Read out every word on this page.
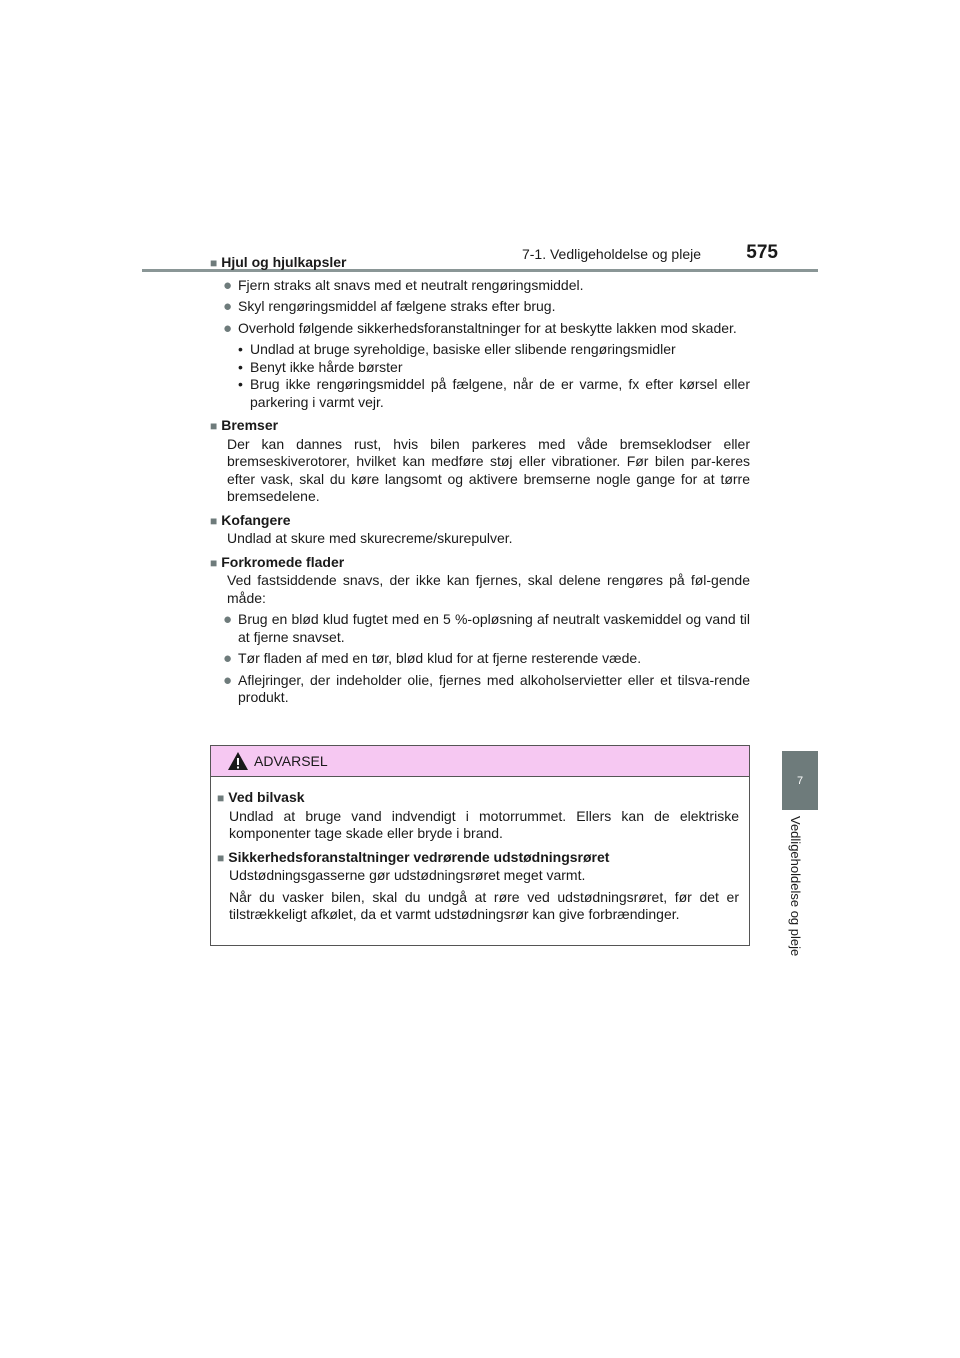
7-1. Vedligeholdelse og pleje	575
7
Vedligeholdelse og pleje
■ Hjul og hjulkapsler
● Fjern straks alt snavs med et neutralt rengøringsmiddel.
● Skyl rengøringsmiddel af fælgene straks efter brug.
● Overhold følgende sikkerhedsforanstaltninger for at beskytte lakken mod skader.
• Undlad at bruge syreholdige, basiske eller slibende rengøringsmidler
• Benyt ikke hårde børster
• Brug ikke rengøringsmiddel på fælgene, når de er varme, fx efter kørsel eller parkering i varmt vejr.
■ Bremser
Der kan dannes rust, hvis bilen parkeres med våde bremseklodser eller bremseskiverotorer, hvilket kan medføre støj eller vibrationer. Før bilen par-keres efter vask, skal du køre langsomt og aktivere bremserne nogle gange for at tørre bremsedelene.
■ Kofangere
Undlad at skure med skurecreme/skurepulver.
■ Forkromede flader
Ved fastsiddende snavs, der ikke kan fjernes, skal delene rengøres på føl-gende måde:
● Brug en blød klud fugtet med en 5 %-opløsning af neutralt vaskemiddel og vand til at fjerne snavset.
● Tør fladen af med en tør, blød klud for at fjerne resterende væde.
● Aflejringer, der indeholder olie, fjernes med alkoholservietter eller et tilsva-rende produkt.
ADVARSEL
■ Ved bilvask
Undlad at bruge vand indvendigt i motorrummet. Ellers kan de elektriske komponenter tage skade eller bryde i brand.
■ Sikkerhedsforanstaltninger vedrørende udstødningsrøret
Udstødningsgasserne gør udstødningsrøret meget varmt.
Når du vasker bilen, skal du undgå at røre ved udstødningsrøret, før det er tilstrækkeligt afkølet, da et varmt udstødningsrør kan give forbrændinger.
